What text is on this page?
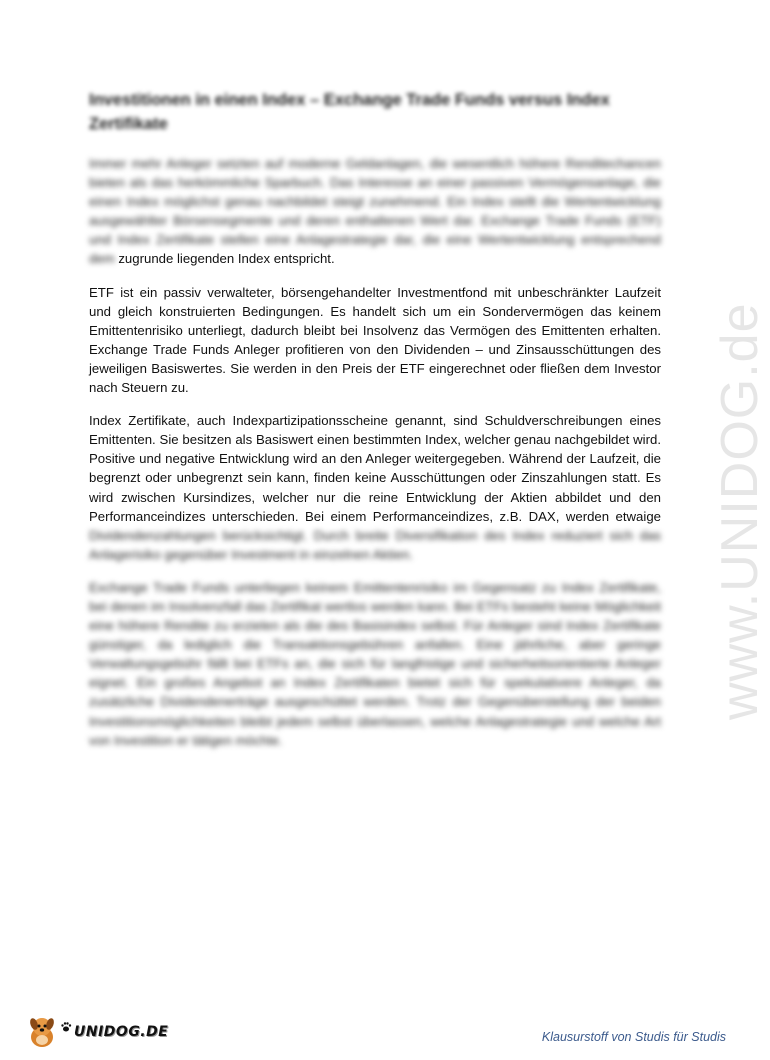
www.UNIDOG.de
Investitionen in einen Index – Exchange Trade Funds versus Index Zertifikate

Immer mehr Anleger setzten auf moderne Geldanlagen, die wesentlich höhere Renditechancen bieten als das herkömmliche Sparbuch. Das Interesse an einer passiven Vermögensanlage, die einen Index möglichst genau nachbildet steigt zunehmend. Ein Index stellt die Wertentwicklung ausgewählter Börsensegmente und deren enthaltenen Wert dar. Exchange Trade Funds (ETF) und Index Zertifikate stellen eine Anlagestrategie dar, die eine Wertentwicklung entsprechend dem zugrunde liegenden Index entspricht.

ETF ist ein passiv verwalteter, börsengehandelter Investmentfond mit unbeschränkter Laufzeit und gleich konstruierten Bedingungen. Es handelt sich um ein Sondervermögen das keinem Emittentenrisiko unterliegt, dadurch bleibt bei Insolvenz das Vermögen des Emittenten erhalten. Exchange Trade Funds Anleger profitieren von den Dividenden – und Zinsausschüttungen des jeweiligen Basiswertes. Sie werden in den Preis der ETF eingerechnet oder fließen dem Investor nach Steuern zu.

Index Zertifikate, auch Indexpartizipationsscheine genannt, sind Schuldverschreibungen eines Emittenten. Sie besitzen als Basiswert einen bestimmten Index, welcher genau nachgebildet wird. Positive und negative Entwicklung wird an den Anleger weitergegeben. Während der Laufzeit, die begrenzt oder unbegrenzt sein kann, finden keine Ausschüttungen oder Zinszahlungen statt. Es wird zwischen Kursindizes, welcher nur die reine Entwicklung der Aktien abbildet und den Performanceindizes unterschieden. Bei einem Performanceindizes, z.B. DAX, werden etwaige Dividendenzahlungen berücksichtigt. Durch breite Diversifikation des Index reduziert sich das Anlagerisiko gegenüber Investment in einzelnen Aktien.

Exchange Trade Funds unterliegen keinem Emittentenrisiko im Gegensatz zu Index Zertifikate, bei denen im Insolvenzfall das Zertifikat wertlos werden kann. Bei ETFs besteht keine Möglichkeit eine höhere Rendite zu erzielen als die des Basisindex selbst. Für Anleger sind Index Zertifikate günstiger, da lediglich die Transaktionsgebühren anfallen. Eine jährliche, aber geringe Verwaltungsgebühr fällt bei ETFs an, die sich für langfristige und sicherheitsorientierte Anleger eignet. Ein großes Angebot an Index Zertifikaten bietet sich für spekulativere Anleger, da zusätzliche Dividendenerträge ausgeschüttet werden. Trotz der Gegenüberstellung der beiden Investitionsmöglichkeiten bleibt jedem selbst überlassen, welche Anlagestrategie und welche Art von Investition er tätigen möchte.

UNIDOG.DE	Klausurstoff von Studis für Studis
